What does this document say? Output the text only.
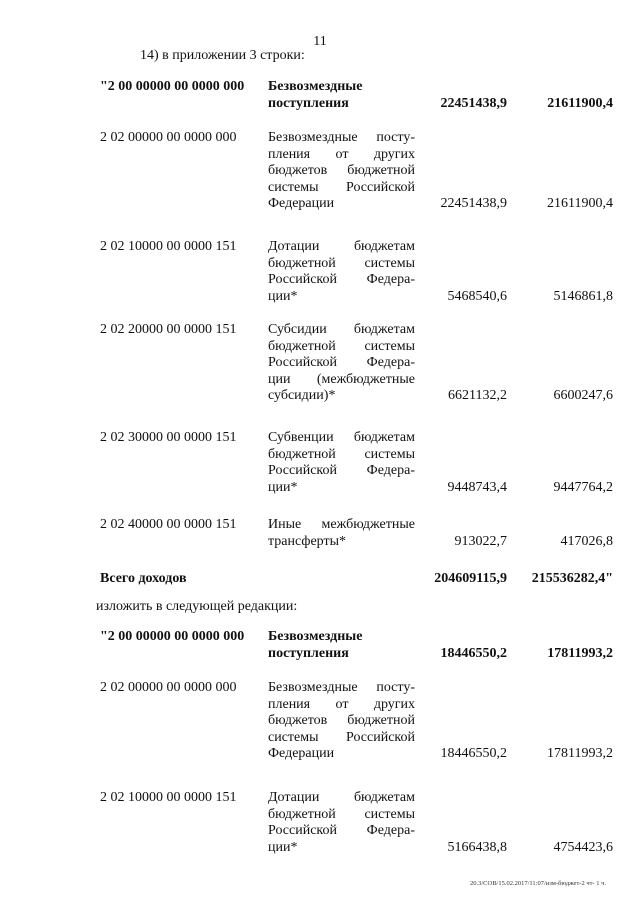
11
14) в приложении 3 строки:
"2 00 00000 00 0000 000	Безвозмездные
поступления	22451438,9	21611900,4
2 02 00000 00 0000 000	Безвозмездные посту-
пления от других
бюджетов бюджетной
системы Российской
Федерации	22451438,9	21611900,4
2 02 10000 00 0000 151	Дотации бюджетам
бюджетной системы
Российской Федера-
ции*	5468540,6	5146861,8
2 02 20000 00 0000 151	Субсидии бюджетам
бюджетной системы
Российской Федера-
ции (межбюджетные
субсидии)*	6621132,2	6600247,6
2 02 30000 00 0000 151	Субвенции бюджетам
бюджетной системы
Российской Федера-
ции*	9448743,4	9447764,2
2 02 40000 00 0000 151	Иные межбюджетные
трансферты*	913022,7	417026,8
Всего доходов	204609115,9 215536282,4"
изложить в следующей редакции:
"2 00 00000 00 0000 000	Безвозмездные
поступления	18446550,2	17811993,2
2 02 00000 00 0000 000	Безвозмездные посту-
пления от других
бюджетов бюджетной
системы Российской
Федерации	18446550,2	17811993,2
2 02 10000 00 0000 151	Дотации бюджетам
бюджетной системы
Российской Федера-
ции*	5166438,8	4754423,6
20.3/СОВ/15.02.2017/11:07/изм-бюджет-2 чт- 1 ч.
